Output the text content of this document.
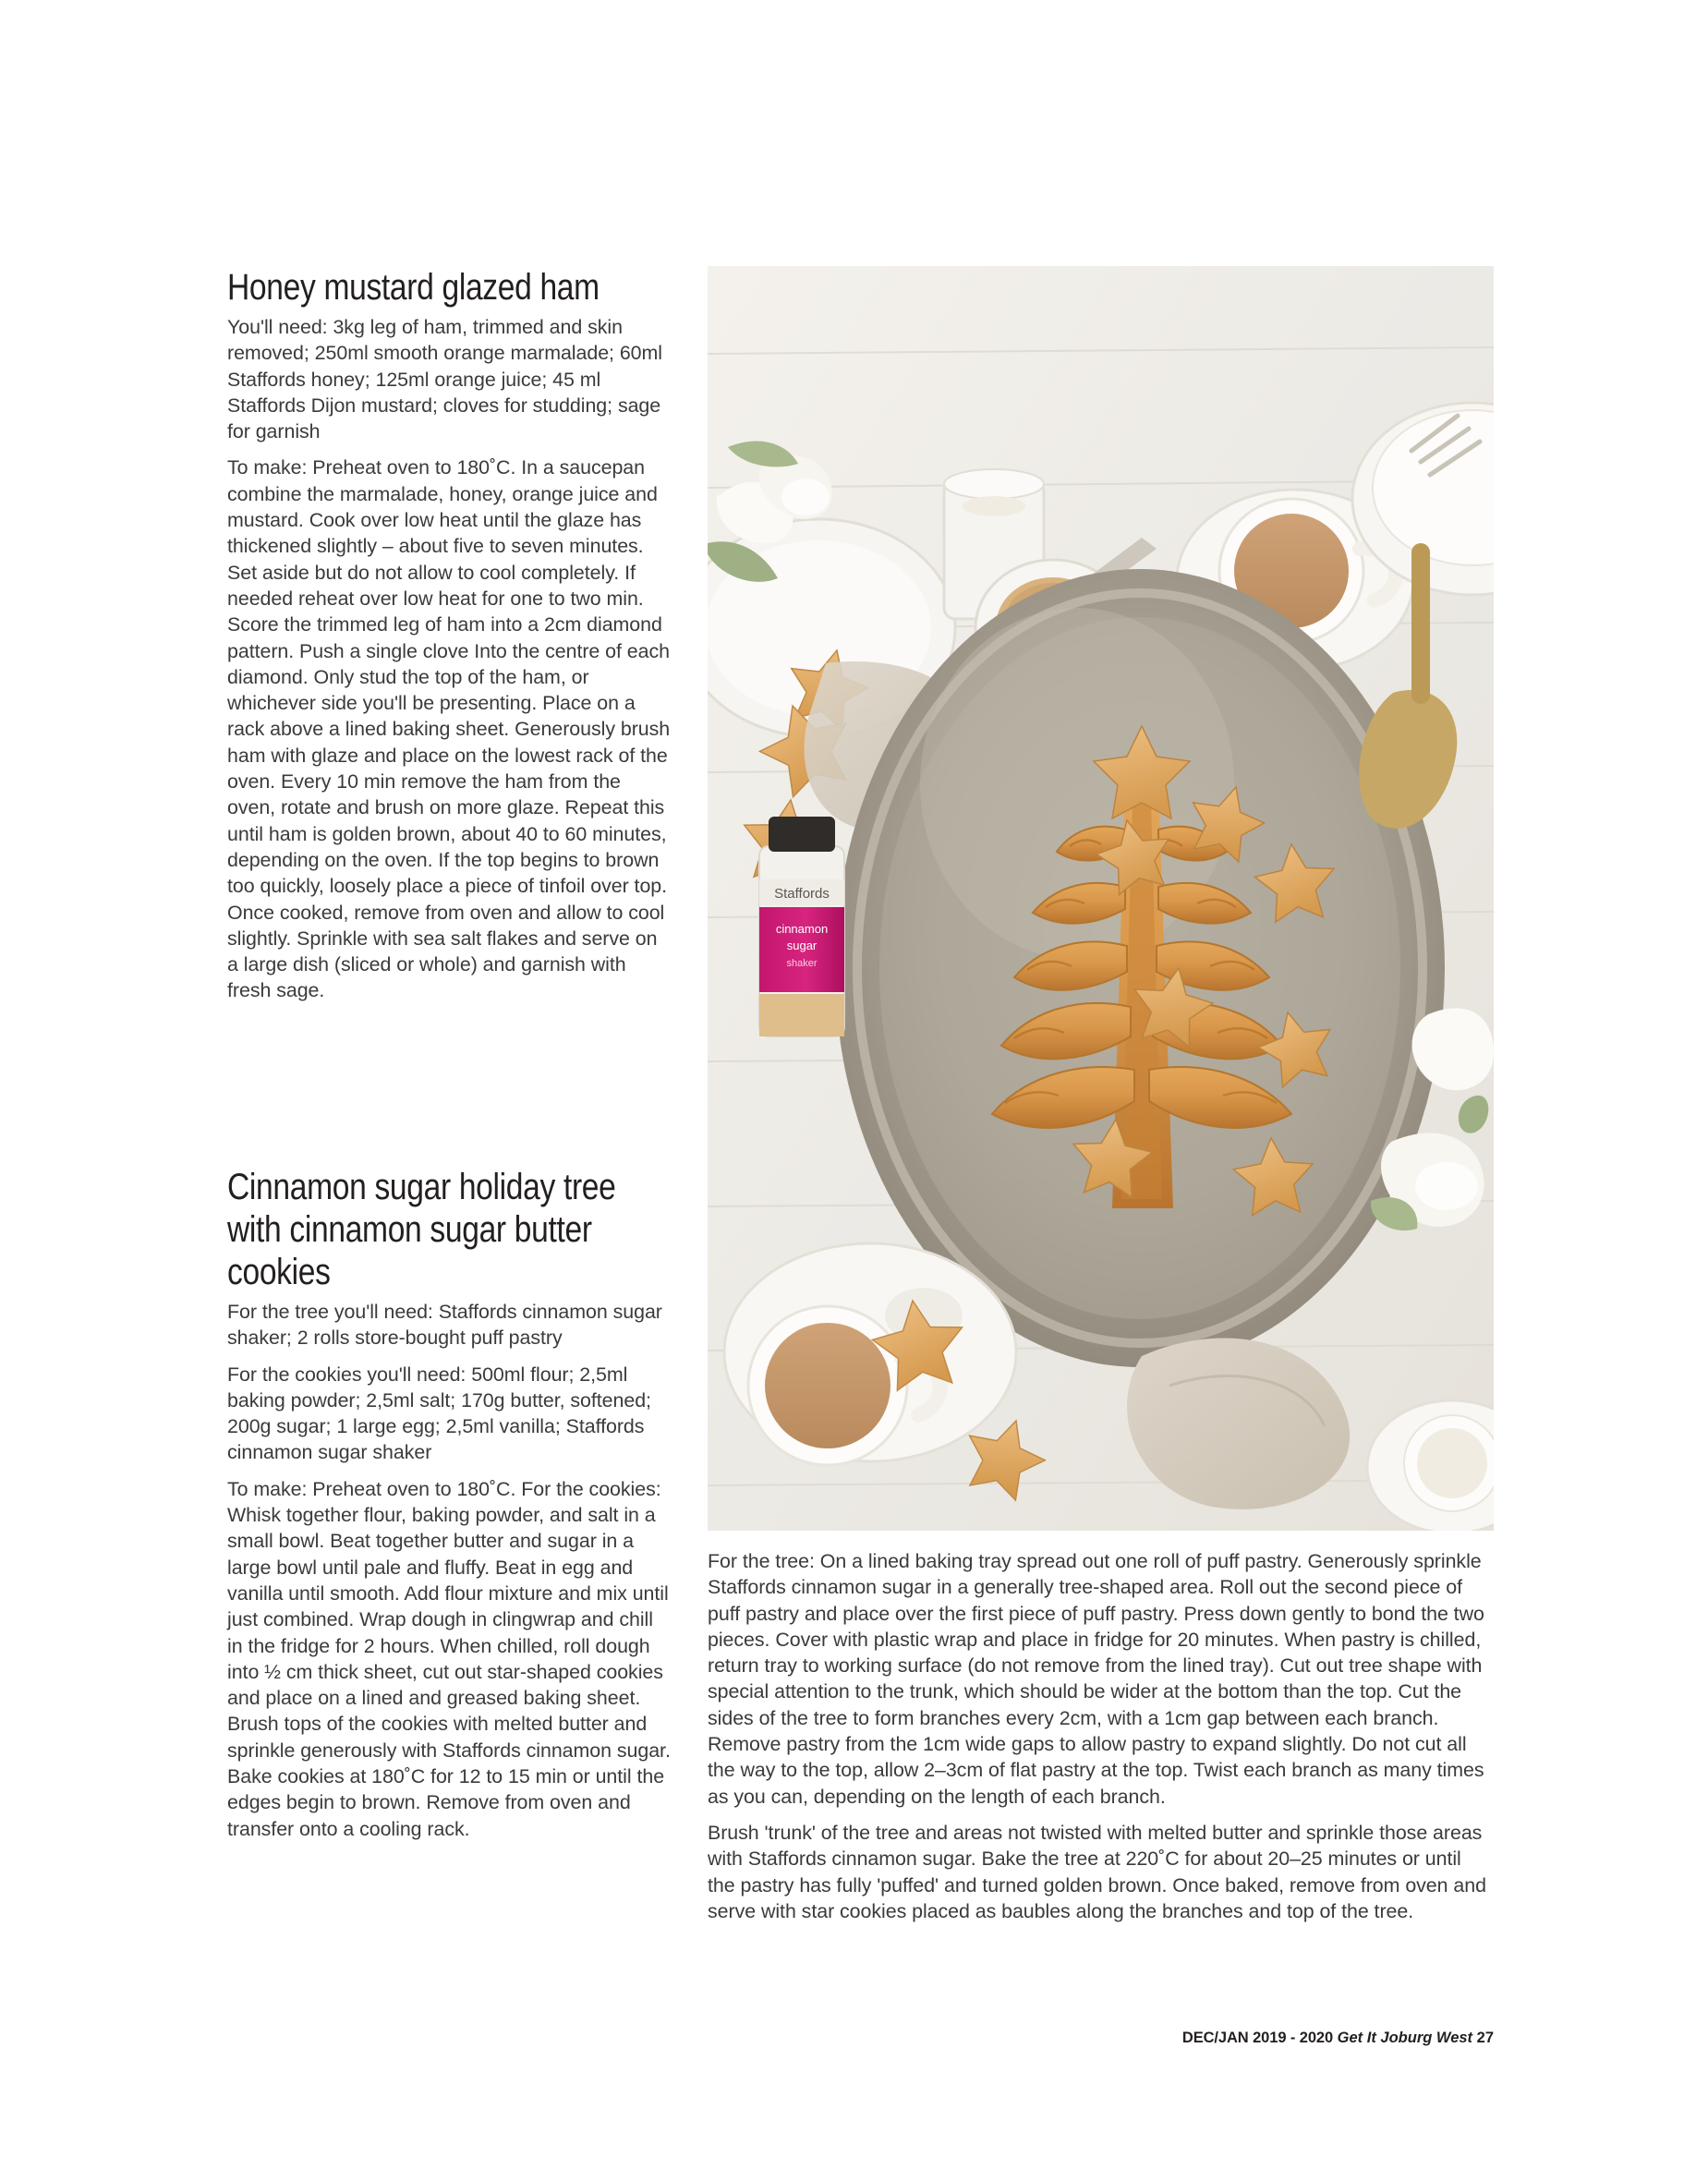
Honey mustard glazed ham

You'll need: 3kg leg of ham, trimmed and skin removed; 250ml smooth orange marmalade; 60ml Staffords honey; 125ml orange juice; 45 ml Staffords Dijon mustard; cloves for studding; sage for garnish

To make: Preheat oven to 180˚C. In a saucepan combine the marmalade, honey, orange juice and mustard. Cook over low heat until the glaze has thickened slightly – about five to seven minutes. Set aside but do not allow to cool completely. If needed reheat over low heat for one to two min. Score the trimmed leg of ham into a 2cm diamond pattern. Push a single clove Into the centre of each diamond. Only stud the top of the ham, or whichever side you'll be presenting. Place on a rack above a lined baking sheet. Generously brush ham with glaze and place on the lowest rack of the oven. Every 10 min remove the ham from the oven, rotate and brush on more glaze. Repeat this until ham is golden brown, about 40 to 60 minutes, depending on the oven. If the top begins to brown too quickly, loosely place a piece of tinfoil over top. Once cooked, remove from oven and allow to cool slightly. Sprinkle with sea salt flakes and serve on a large dish (sliced or whole) and garnish with fresh sage.

Cinnamon sugar holiday tree with cinnamon sugar butter cookies

For the tree you'll need: Staffords cinnamon sugar shaker; 2 rolls store-bought puff pastry

For the cookies you'll need: 500ml flour; 2,5ml baking powder; 2,5ml salt; 170g butter, softened; 200g sugar; 1 large egg; 2,5ml vanilla; Staffords cinnamon sugar shaker

To make: Preheat oven to 180˚C. For the cookies: Whisk together flour, baking powder, and salt in a small bowl. Beat together butter and sugar in a large bowl until pale and fluffy. Beat in egg and vanilla until smooth. Add flour mixture and mix until just combined. Wrap dough in clingwrap and chill in the fridge for 2 hours. When chilled, roll dough into ½ cm thick sheet, cut out star-shaped cookies and place on a lined and greased baking sheet. Brush tops of the cookies with melted butter and sprinkle generously with Staffords cinnamon sugar. Bake cookies at 180˚C for 12 to 15 min or until the edges begin to brown. Remove from oven and transfer onto a cooling rack.

Staffords
cinnamon
sugar
shaker

For the tree: On a lined baking tray spread out one roll of puff pastry. Generously sprinkle Staffords cinnamon sugar in a generally tree-shaped area. Roll out the second piece of puff pastry and place over the first piece of puff pastry. Press down gently to bond the two pieces. Cover with plastic wrap and place in fridge for 20 minutes. When pastry is chilled, return tray to working surface (do not remove from the lined tray). Cut out tree shape with special attention to the trunk, which should be wider at the bottom than the top. Cut the sides of the tree to form branches every 2cm, with a 1cm gap between each branch. Remove pastry from the 1cm wide gaps to allow pastry to expand slightly. Do not cut all the way to the top, allow 2–3cm of flat pastry at the top. Twist each branch as many times as you can, depending on the length of each branch.

Brush 'trunk' of the tree and areas not twisted with melted butter and sprinkle those areas with Staffords cinnamon sugar. Bake the tree at 220˚C for about 20–25 minutes or until the pastry has fully 'puffed' and turned golden brown. Once baked, remove from oven and serve with star cookies placed as baubles along the branches and top of the tree.

DEC/JAN 2019 - 2020 Get It Joburg West 27
